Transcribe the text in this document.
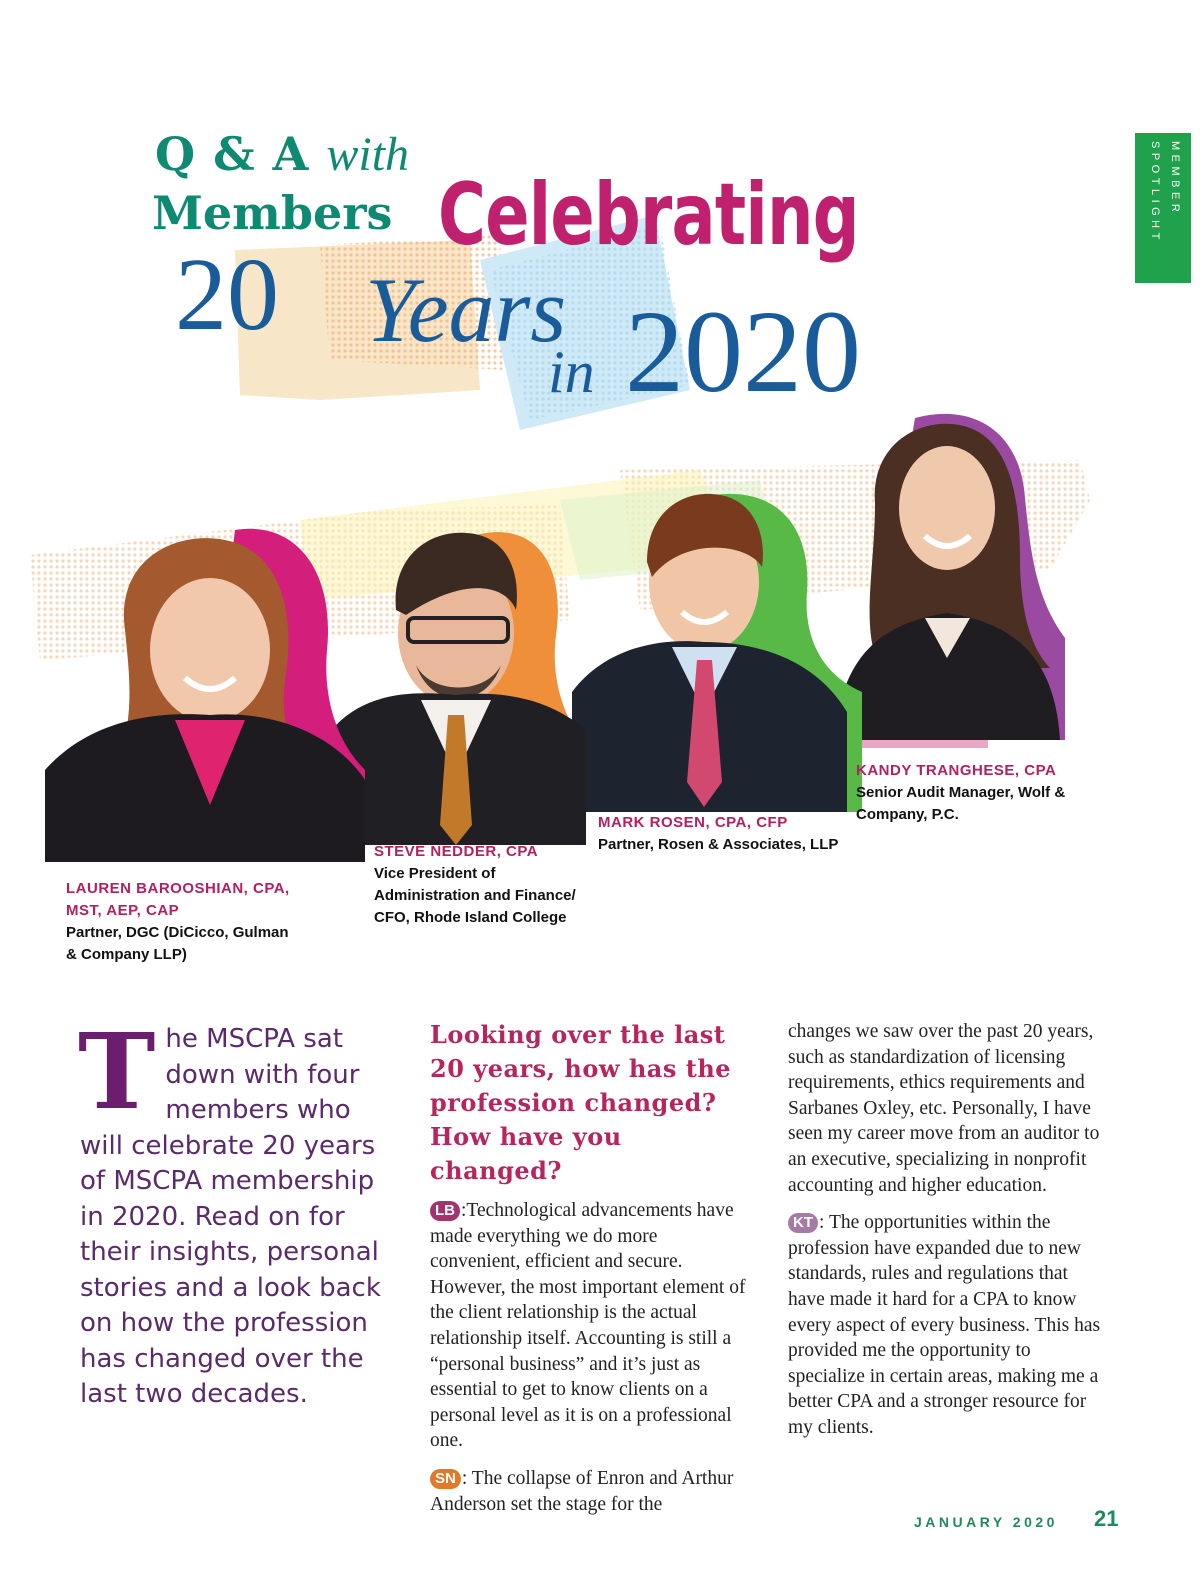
MEMBER SPOTLIGHT
Q & A with
Members Celebrating
20 Years
in 2020
LAUREN BAROOSHIAN, CPA,
MST, AEP, CAP
Partner, DGC (DiCicco, Gulman
& Company LLP)
STEVE NEDDER, CPA
Vice President of
Administration and Finance/
CFO, Rhode Island College
MARK ROSEN, CPA, CFP
Partner, Rosen & Associates, LLP
KANDY TRANGHESE, CPA
Senior Audit Manager, Wolf &
Company, P.C.
The MSCPA sat down with four members who will celebrate 20 years of MSCPA membership in 2020. Read on for their insights, personal stories and a look back on how the profession has changed over the last two decades.
Looking over the last 20 years, how has the profession changed? How have you changed?

LB :Technological advancements have made everything we do more convenient, efficient and secure. However, the most important element of the client relationship is the actual relationship itself. Accounting is still a “personal business” and it’s just as essential to get to know clients on a personal level as it is on a professional one.

SN : The collapse of Enron and Arthur Anderson set the stage for the

changes we saw over the past 20 years, such as standardization of licensing requirements, ethics requirements and Sarbanes Oxley, etc. Personally, I have seen my career move from an auditor to an executive, specializing in nonprofit accounting and higher education.

KT : The opportunities within the profession have expanded due to new standards, rules and regulations that have made it hard for a CPA to know every aspect of every business. This has provided me the opportunity to specialize in certain areas, making me a better CPA and a stronger resource for my clients.

JANUARY 2020 21
